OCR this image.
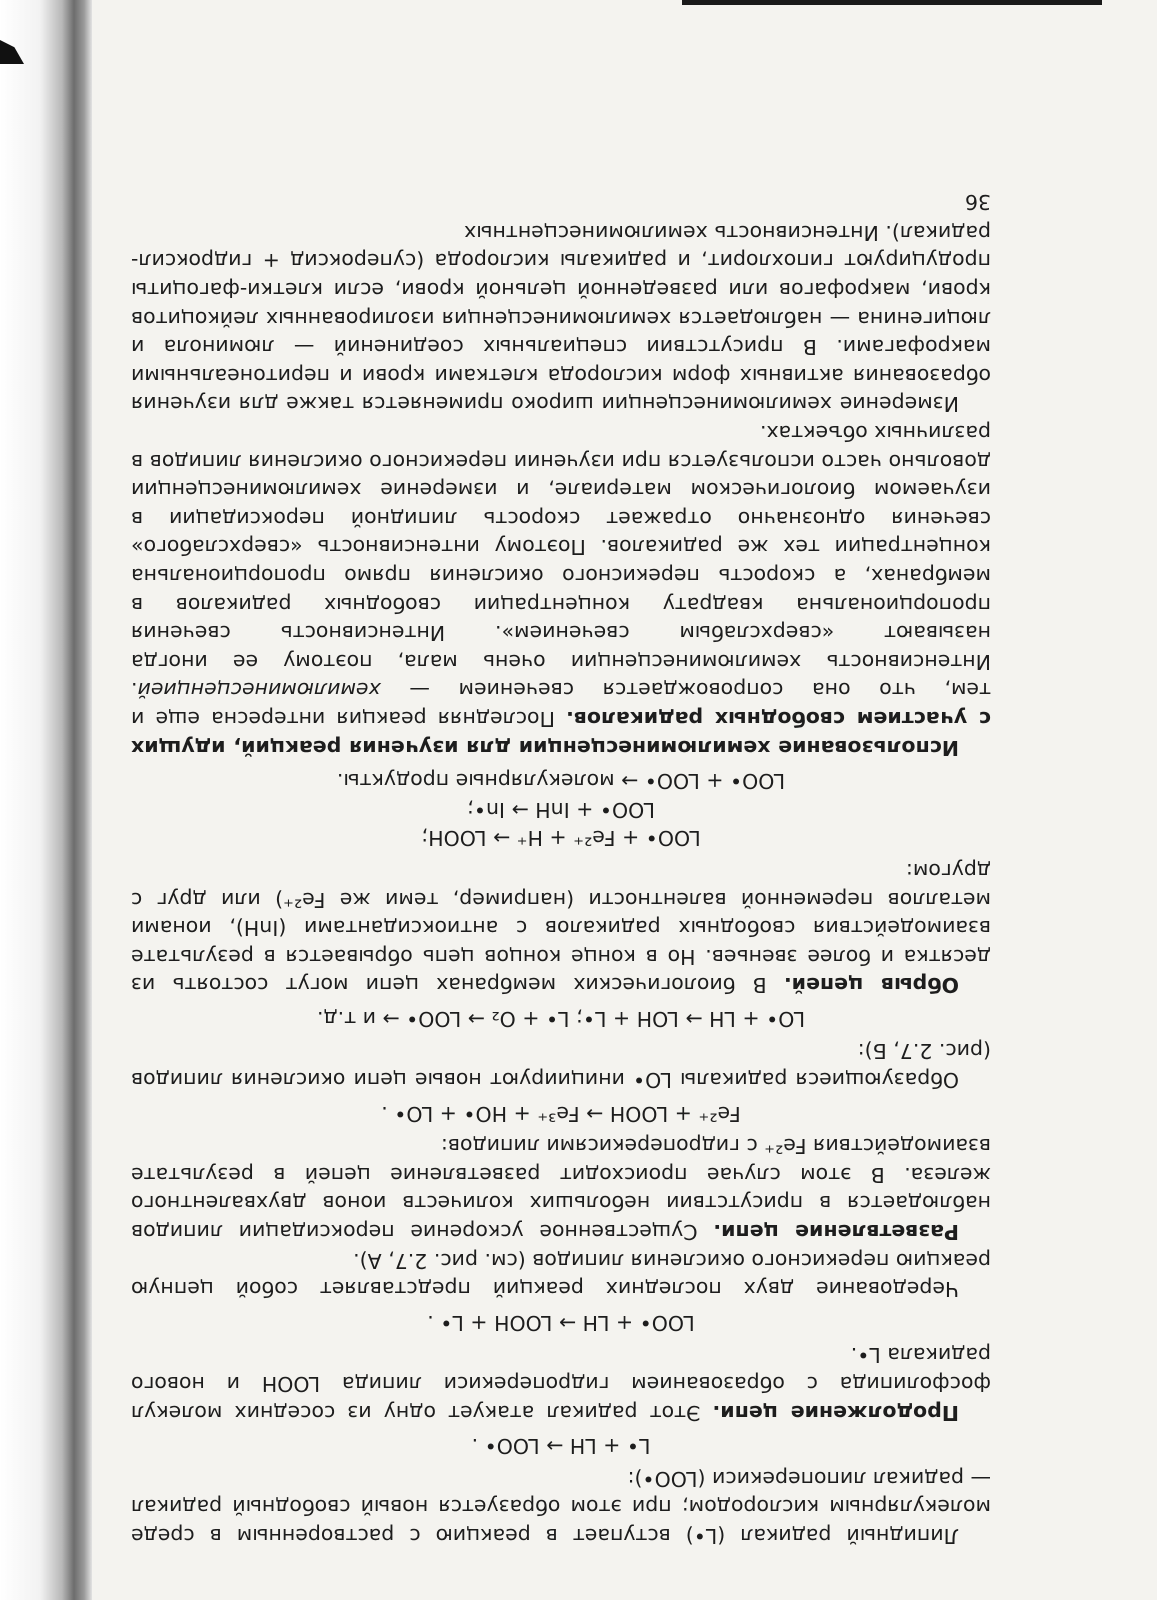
Липидный радикал (L•) вступает в реакцию с растворенным в среде молекулярным кислородом; при этом образуется новый свободный радикал — радикал липоперекиси (LOO•):

L• + LH → LOO• .

Продолжение цепи. Этот радикал атакует одну из соседних молекул фосфолипида с образованием гидроперекиси липида LOOH и нового радикала L•.

LOO• + LH → LOOH + L• .

Чередование двух последних реакций представляет собой цепную реакцию перекисного окисления липидов (см. рис. 2.7, А).

Разветвление цепи. Существенное ускорение пероксидации липидов наблюдается в присутствии небольших количеств ионов двухвалентного железа. В этом случае происходит разветвление цепей в результате взаимодействия Fe²⁺ с гидроперекисями липидов:

Fe²⁺ + LOOH → Fe³⁺ + HO• + LO• .

Образующиеся радикалы LO• инициируют новые цепи окисления липидов (рис. 2.7, Б):

LO• + LH → LOH + L•; L• + O₂ → LOO• → и т.д.

Обрыв цепей. В биологических мембранах цепи могут состоять из десятка и более звеньев. Но в конце концов цепь обрывается в результате взаимодействия свободных радикалов с антиоксидантами (InH), ионами металлов переменной валентности (например, теми же Fe²⁺) или друг с другом:

LOO• + Fe²⁺ + H⁺ → LOOH;

LOO• + InH → In•;

LOO• + LOO• → молекулярные продукты.

Использование хемилюминесценции для изучения реакций, идущих с участием свободных радикалов. Последняя реакция интересна еще и тем, что она сопровождается свечением — хемилюминесценцией. Интенсивность хемилюминесценции очень мала, поэтому ее иногда называют «сверхслабым свечением». Интенсивность свечения пропорциональна квадрату концентрации свободных радикалов в мембранах, а скорость перекисного окисления прямо пропорциональна концентрации тех же радикалов. Поэтому интенсивность «сверхслабого» свечения однозначно отражает скорость липидной пероксидации в изучаемом биологическом материале, и измерение хемилюминесценции довольно часто используется при изучении перекисного окисления липидов в различных объектах.

Измерение хемилюминесценции широко применяется также для изучения образования активных форм кислорода клетками крови и перитонеальными макрофагами. В присутствии специальных соединений — люминола и люцигенина — наблюдается хемилюминесценция изолированных лейкоцитов крови, макрофагов или разведенной цельной крови, если клетки-фагоциты продуцируют гипохлорит, и радикалы кислорода (супероксид + гидроксил-радикал). Интенсивность хемилюминесцентных

36
